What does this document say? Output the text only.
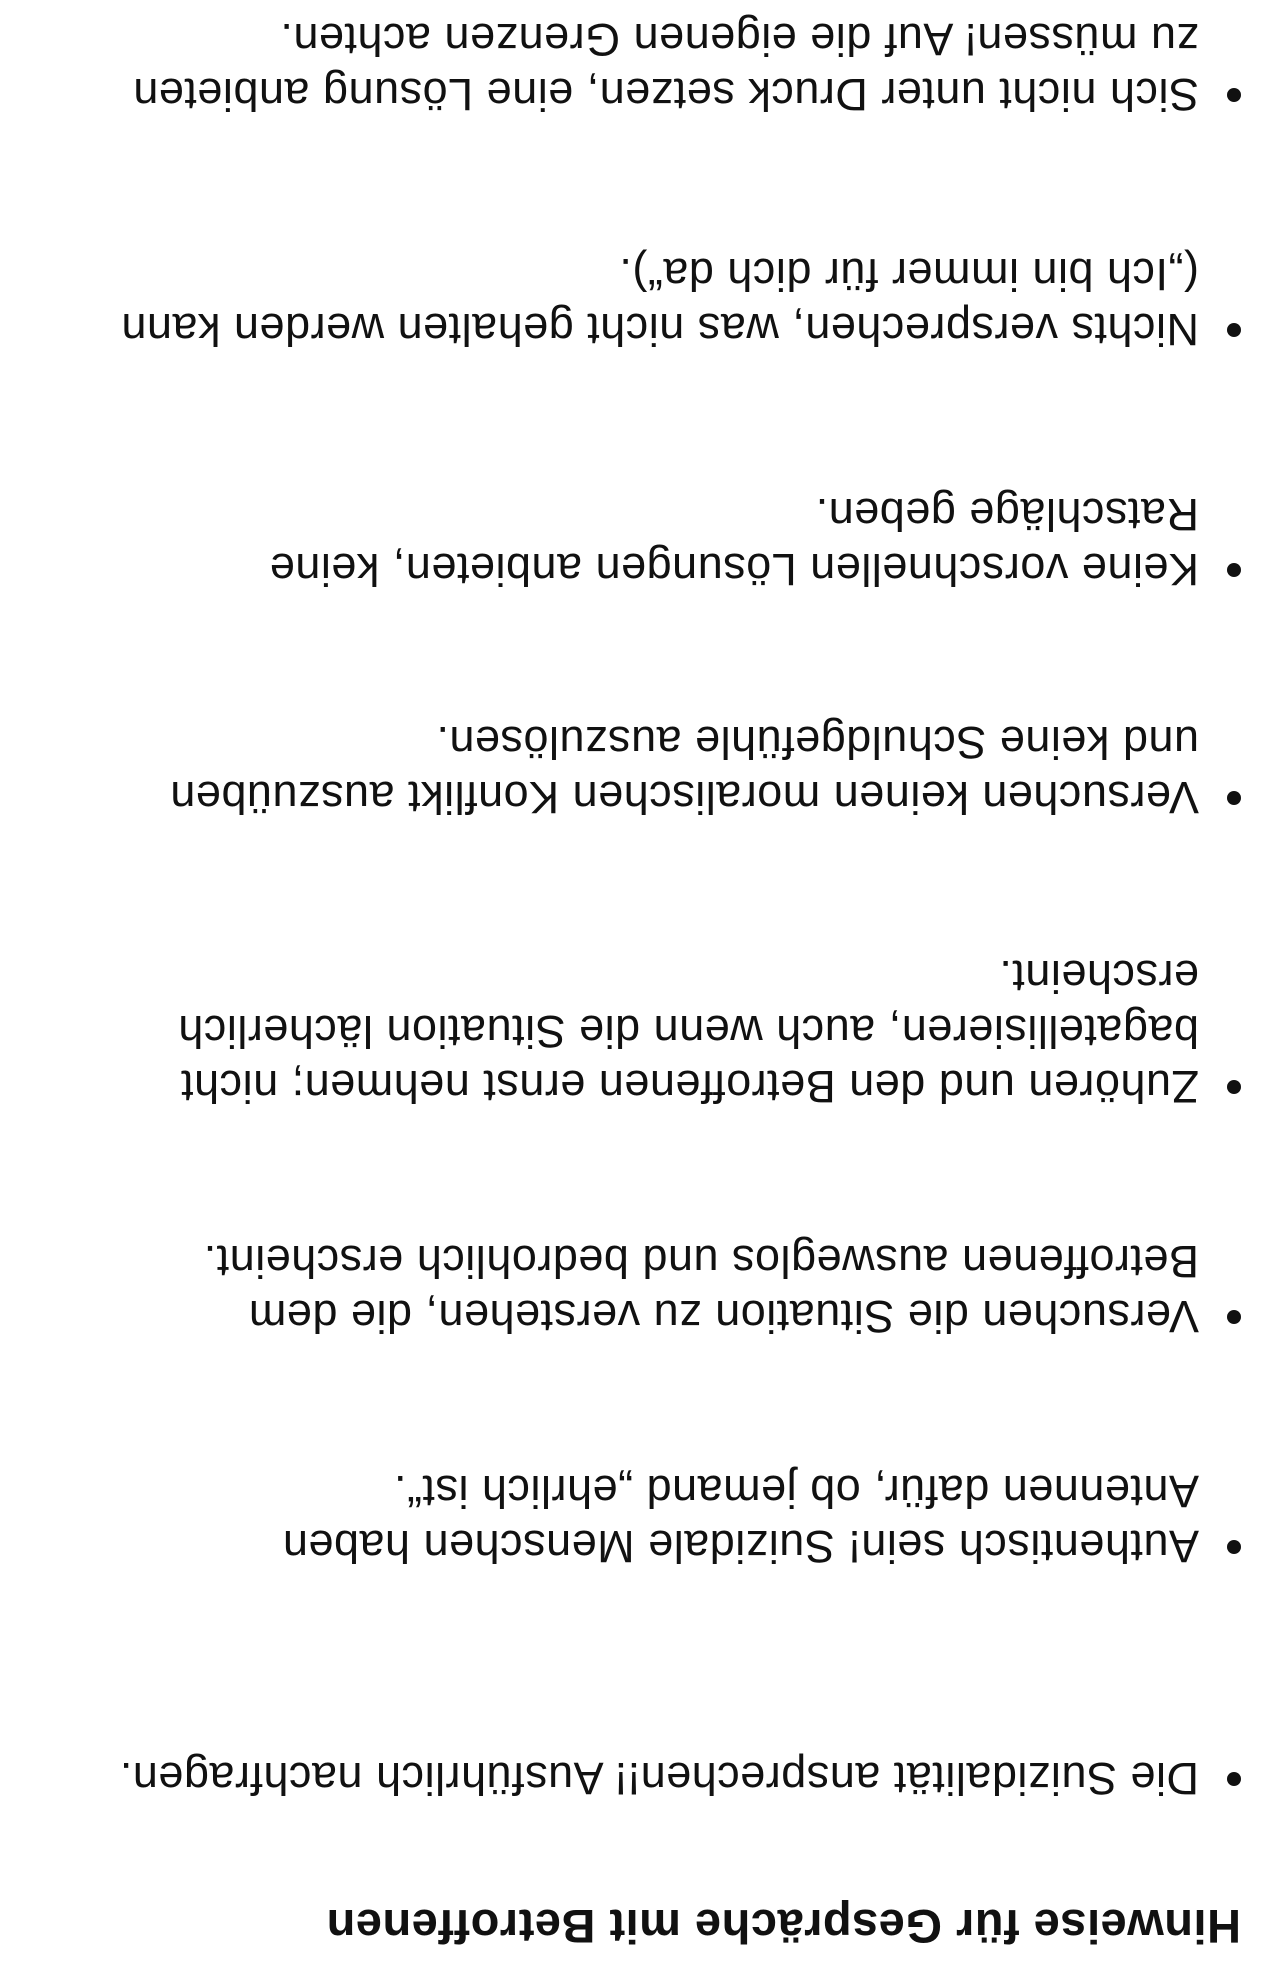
Hinweise für Gespräche mit Betroffenen
Die Suizidalität ansprechen!! Ausführlich nachfragen.
Authentisch sein! Suizidale Menschen haben
Antennen dafür, ob jemand „ehrlich ist“.
Versuchen die Situation zu verstehen, die dem
Betroffenen ausweglos und bedrohlich erscheint.
Zuhören und den Betroffenen ernst nehmen; nicht
bagatellisieren, auch wenn die Situation lächerlich
erscheint.
Versuchen keinen moralischen Konflikt auszuüben
und keine Schuldgefühle auszulösen.
Keine vorschnellen Lösungen anbieten, keine
Ratschläge geben.
Nichts versprechen, was nicht gehalten werden kann
(„Ich bin immer für dich da“).
Sich nicht unter Druck setzen, eine Lösung anbieten
zu müssen! Auf die eigenen Grenzen achten.
